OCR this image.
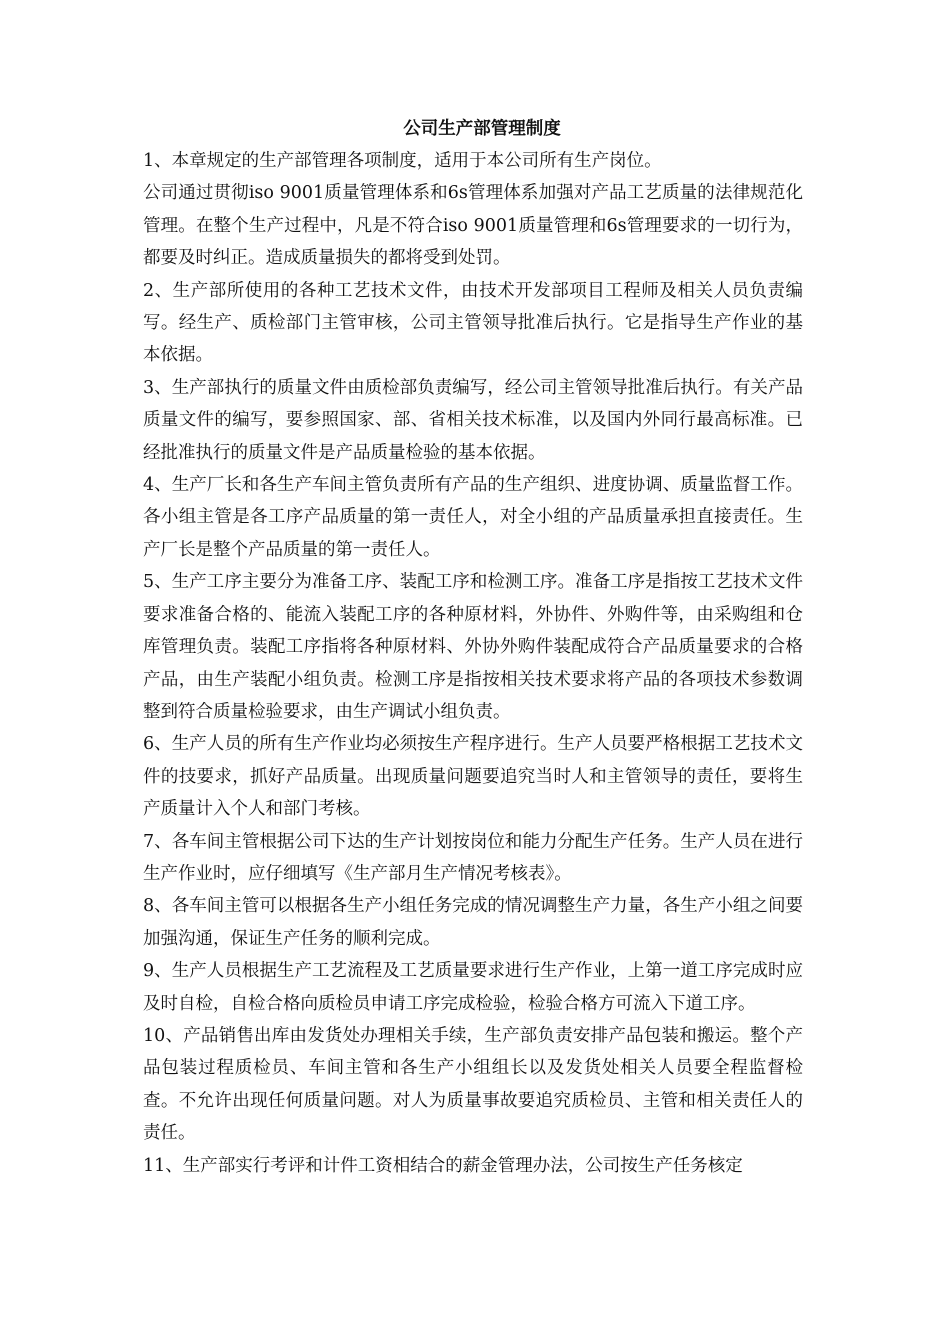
公司生产部管理制度

1、本章规定的生产部管理各项制度，适用于本公司所有生产岗位。

公司通过贯彻iso 9001质量管理体系和6s管理体系加强对产品工艺质量的法律规范化管理。在整个生产过程中，凡是不符合iso 9001质量管理和6s管理要求的一切行为，都要及时纠正。造成质量损失的都将受到处罚。

2、生产部所使用的各种工艺技术文件，由技术开发部项目工程师及相关人员负责编写。经生产、质检部门主管审核，公司主管领导批准后执行。它是指导生产作业的基本依据。

3、生产部执行的质量文件由质检部负责编写，经公司主管领导批准后执行。有关产品质量文件的编写，要参照国家、部、省相关技术标准，以及国内外同行最高标准。已经批准执行的质量文件是产品质量检验的基本依据。

4、生产厂长和各生产车间主管负责所有产品的生产组织、进度协调、质量监督工作。各小组主管是各工序产品质量的第一责任人，对全小组的产品质量承担直接责任。生产厂长是整个产品质量的第一责任人。

5、生产工序主要分为准备工序、装配工序和检测工序。准备工序是指按工艺技术文件要求准备合格的、能流入装配工序的各种原材料，外协件、外购件等，由采购组和仓库管理负责。装配工序指将各种原材料、外协外购件装配成符合产品质量要求的合格产品，由生产装配小组负责。检测工序是指按相关技术要求将产品的各项技术参数调整到符合质量检验要求，由生产调试小组负责。

6、生产人员的所有生产作业均必须按生产程序进行。生产人员要严格根据工艺技术文件的技要求，抓好产品质量。出现质量问题要追究当时人和主管领导的责任，要将生产质量计入个人和部门考核。

7、各车间主管根据公司下达的生产计划按岗位和能力分配生产任务。生产人员在进行生产作业时，应仔细填写《生产部月生产情况考核表》。

8、各车间主管可以根据各生产小组任务完成的情况调整生产力量，各生产小组之间要加强沟通，保证生产任务的顺利完成。

9、生产人员根据生产工艺流程及工艺质量要求进行生产作业，上第一道工序完成时应及时自检，自检合格向质检员申请工序完成检验，检验合格方可流入下道工序。

10、产品销售出库由发货处办理相关手续，生产部负责安排产品包装和搬运。整个产品包装过程质检员、车间主管和各生产小组组长以及发货处相关人员要全程监督检查。不允许出现任何质量问题。对人为质量事故要追究质检员、主管和相关责任人的责任。

11、生产部实行考评和计件工资相结合的薪金管理办法，公司按生产任务核定
